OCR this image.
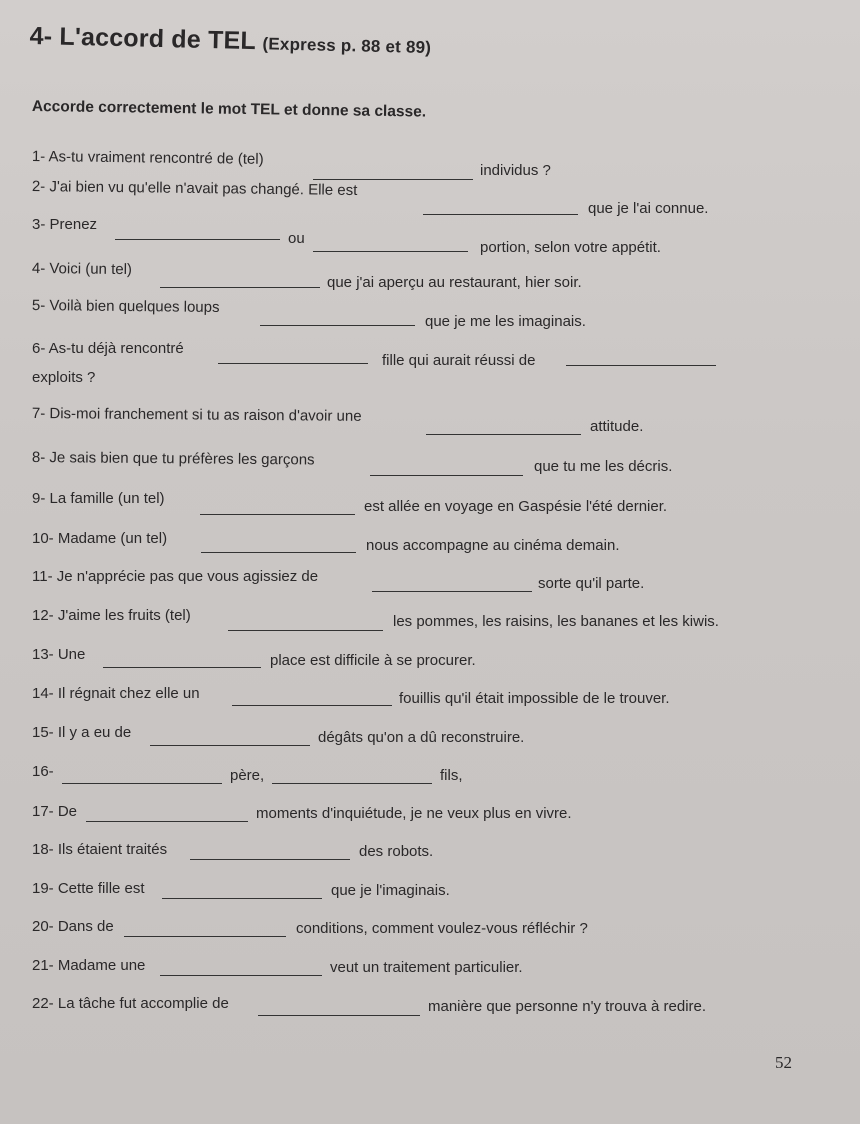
4- L'accord de TEL (Express p. 88 et 89)
Accorde correctement le mot TEL et donne sa classe.
1- As-tu vraiment rencontré de (tel)
individus ?
2- J'ai bien vu qu'elle n'avait pas changé. Elle est
que je l'ai connue.
3- Prenez
ou
portion, selon votre appétit.
4- Voici (un tel)
que j'ai aperçu au restaurant, hier soir.
5- Voilà bien quelques loups
que je me les imaginais.
6- As-tu déjà rencontré
fille qui aurait réussi de
exploits ?
7- Dis-moi franchement si tu as raison d'avoir une
attitude.
8- Je sais bien que tu préfères les garçons	que tu me les décris.
9- La famille (un tel)	est allée en voyage en Gaspésie l'été dernier.
10- Madame (un tel)	nous accompagne au cinéma demain.
11- Je n'apprécie pas que vous agissiez de	sorte qu'il parte.
12- J'aime les fruits (tel)	les pommes, les raisins, les bananes et les kiwis.
13- Une	place est difficile à se procurer.
14- Il régnait chez elle un	fouillis qu'il était impossible de le trouver.
15- Il y a eu de	dégâts qu'on a dû reconstruire.
16-	père,	fils,
17- De	moments d'inquiétude, je ne veux plus en vivre.
18- Ils étaient traités	des robots.
19- Cette fille est	que je l'imaginais.
20- Dans de	conditions, comment voulez-vous réfléchir ?
21- Madame une	veut un traitement particulier.
22- La tâche fut accomplie de	manière que personne n'y trouva à redire.
52
